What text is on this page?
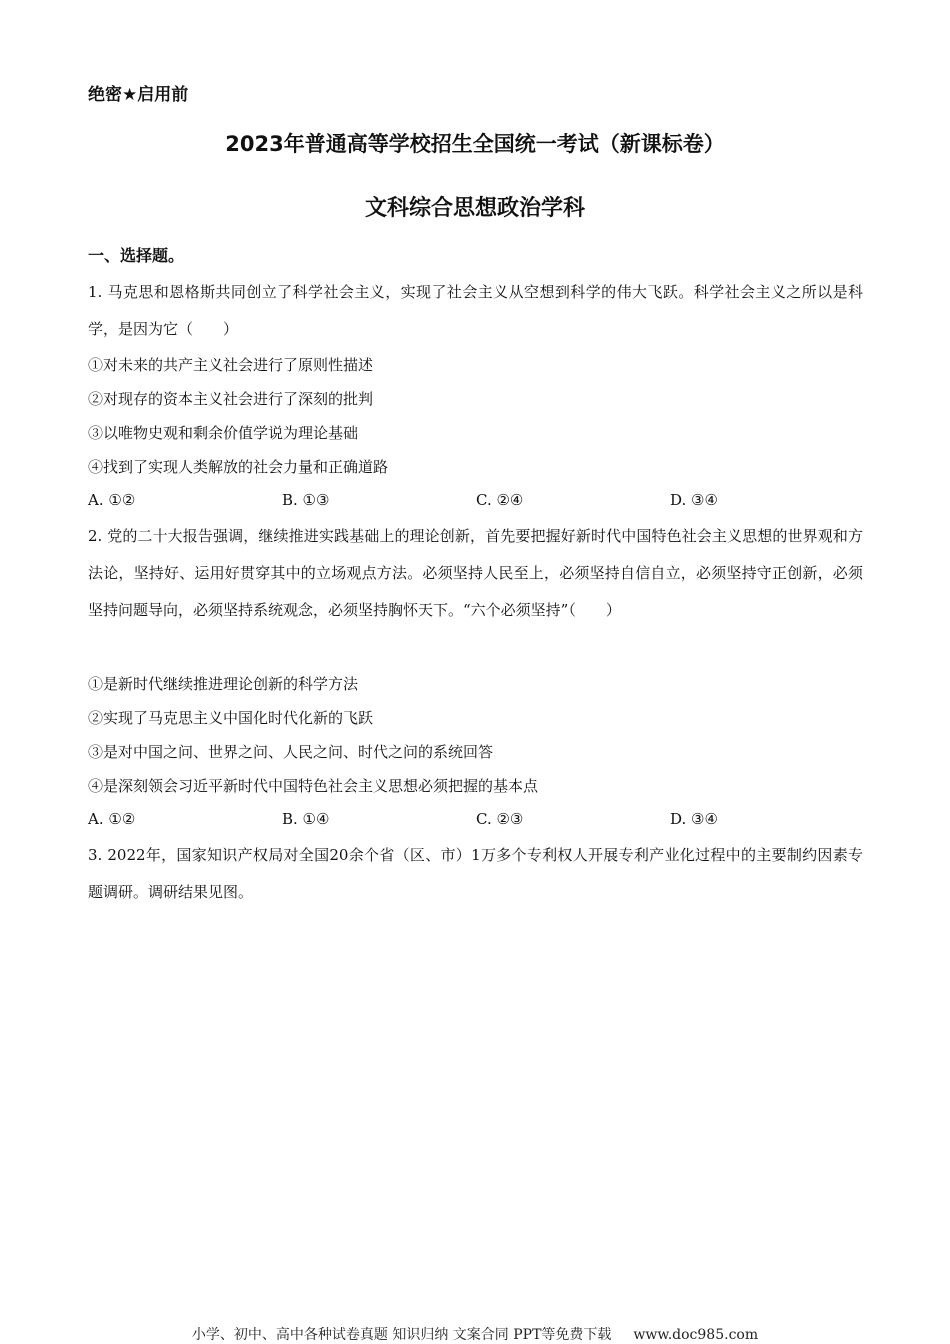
绝密★启用前
2023年普通高等学校招生全国统一考试（新课标卷）
文科综合思想政治学科
一、选择题。
1. 马克思和恩格斯共同创立了科学社会主义，实现了社会主义从空想到科学的伟大飞跃。科学社会主义之所以是科学，是因为它（　　）
①对未来的共产主义社会进行了原则性描述
②对现存的资本主义社会进行了深刻的批判
③以唯物史观和剩余价值学说为理论基础
④找到了实现人类解放的社会力量和正确道路
A. ①②	B. ①③	C. ②④	D. ③④
2. 党的二十大报告强调，继续推进实践基础上的理论创新，首先要把握好新时代中国特色社会主义思想的世界观和方法论，坚持好、运用好贯穿其中的立场观点方法。必须坚持人民至上，必须坚持自信自立，必须坚持守正创新，必须坚持问题导向，必须坚持系统观念，必须坚持胸怀天下。“六个必须坚持”（　　）
①是新时代继续推进理论创新的科学方法
②实现了马克思主义中国化时代化新的飞跃
③是对中国之问、世界之问、人民之问、时代之问的系统回答
④是深刻领会习近平新时代中国特色社会主义思想必须把握的基本点
A. ①②	B. ①④	C. ②③	D. ③④
3. 2022年，国家知识产权局对全国20余个省（区、市）1万多个专利权人开展专利产业化过程中的主要制约因素专题调研。调研结果见图。
小学、初中、高中各种试卷真题 知识归纳 文案合同 PPT等免费下载 www.doc985.com
